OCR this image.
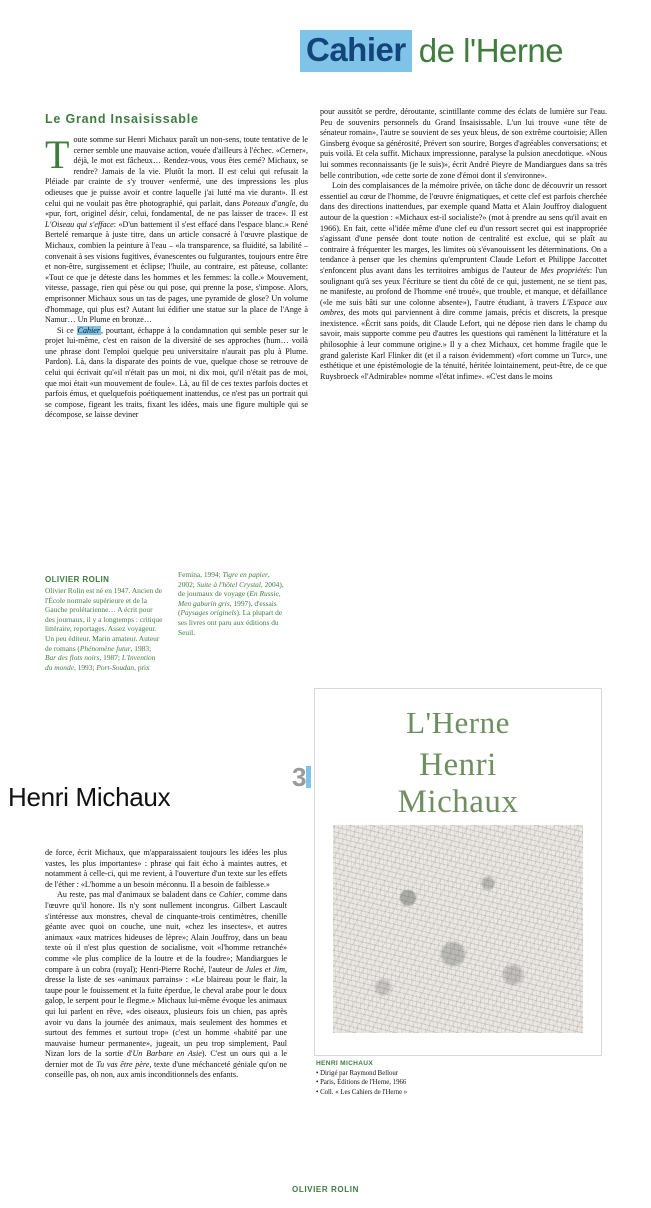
Cahier de l'Herne
Le Grand Insaisissable

Toute somme sur Henri Michaux paraît un non-sens, toute tentative de le cerner semble une mauvaise action, vouée d'ailleurs à l'échec. «Cerner», déjà, le mot est fâcheux… Rendez-vous, vous êtes cerné? Michaux, se rendre? Jamais de la vie. Plutôt la mort. Il est celui qui refusait la Pléiade par crainte de s'y trouver «enfermé, une des impressions les plus odieuses que je puisse avoir et contre laquelle j'ai lutté ma vie durant». Il est celui qui ne voulait pas être photographié, qui parlait, dans Poteaux d'angle, du «pur, fort, originel désir, celui, fondamental, de ne pas laisser de trace». Il est L'Oiseau qui s'efface: «D'un battement il s'est effacé dans l'espace blanc.» René Bertelé remarque à juste titre, dans un article consacré à l'œuvre plastique de Michaux, combien la peinture à l'eau – «la transparence, sa fluidité, sa labilité – convenait à ses visions fugitives, évanescentes ou fulgurantes, toujours entre être et non-être, surgissement et éclipse; l'huile, au contraire, est pâteuse, collante: «Tout ce que je déteste dans les hommes et les femmes: la colle.» Mouvement, vitesse, passage, rien qui pèse ou qui pose, qui prenne la pose, s'impose. Alors, emprisonner Michaux sous un tas de pages, une pyramide de glose? Un volume d'hommage, qui plus est? Autant lui édifier une statue sur la place de l'Ange à Namur… Un Plume en bronze…

Si ce Cahier, pourtant, échappe à la condamnation qui semble peser sur le projet lui-même, c'est en raison de la diversité de ses approches (hum… voilà une phrase dont l'emploi quelque peu universitaire n'aurait pas plu à Plume. Pardon). Là, dans la disparate des points de vue, quelque chose se retrouve de celui qui écrivait qu'«il n'était pas un moi, ni dix moi, qu'il n'était pas de moi, que moi était «un mouvement de foule». Là, au fil de ces textes parfois doctes et parfois émus, et quelquefois poétiquement inattendus, ce n'est pas un portrait qui se compose, figeant les traits, fixant les idées, mais une figure multiple qui se décompose, se laisse deviner

pour aussitôt se perdre, déroutante, scintillante comme des éclats de lumière sur l'eau. Peu de souvenirs personnels du Grand Insaisissable. L'un lui trouve «une tête de sénateur romain», l'autre se souvient de ses yeux bleus, de son extrême courtoisie; Allen Ginsberg évoque sa générosité, Prévert son sourire, Borges d'agréables conversations; et puis voilà. Et cela suffit. Michaux impressionne, paralyse la pulsion anecdotique. «Nous lui sommes reconnaissants (je le suis)», écrit André Pieyre de Mandiargues dans sa très belle contribution, «de cette sorte de zone d'émoi dont il s'environne».

Loin des complaisances de la mémoire privée, on tâche donc de découvrir un ressort essentiel au cœur de l'homme, de l'œuvre énigmatiques, et cette clef est parfois cherchée dans des directions inattendues, par exemple quand Matta et Alain Jouffroy dialoguent autour de la question : «Michaux est-il socialiste?» (mot à prendre au sens qu'il avait en 1966). En fait, cette «l'idée même d'une clef eu d'un ressort secret qui est inappropriée s'agissant d'une pensée dont toute notion de centralité est exclue, qui se plaît au contraire à fréquenter les marges, les limites où s'évanouissent les déterminations. On a tendance à penser que les chemins qu'empruntent Claude Lefort et Philippe Jaccottet s'enfoncent plus avant dans les territoires ambigus de l'auteur de Mes propriétés: l'un soulignant qu'à ses yeux l'écriture se tient du côté de ce qui, justement, ne se tient pas, ne manifeste, au profond de l'homme «né troué», que trouble, et manque, et défaillance («le me suis bâti sur une colonne absente»), l'autre étudiant, à travers L'Espace aux ombres, des mots qui parviennent à dire comme jamais, précis et discrets, la presque inexistence. «Écrit sans poids, dit Claude Lefort, qui ne dépose rien dans le champ du savoir, mais supporte comme peu d'autres les questions qui ramènent la littérature et la philosophie à leur commune origine.» Il y a chez Michaux, cet homme fragile que le grand galeriste Karl Flinker dit (et il a raison évidemment) «fort comme un Turc», une esthétique et une épistémologie de la ténuité, héritée lointainement, peut-être, de ce que Ruysbroeck «l'Admirable» nomme «l'état infime». «C'est dans le moins

OLIVIER ROLIN
Olivier Rolin est né en 1947. Ancien de l'École normale supérieure et de la Gauche prolétarienne… A écrit pour des journaux, il y a longtemps : critique littéraire, reportages. Assez voyageur. Un peu éditeur. Marin amateur. Auteur de romans (Phénomène futur, 1983; Bar des flots noirs, 1987; L'Invention du monde, 1993; Port-Soudan, prix
Femina, 1994; Tigre en papier, 2002; Suite à l'hôtel Crystal, 2004), de journaux de voyage (En Russie, Men gaburin gris, 1997), d'essais (Paysages originels). La plupart de ses livres ont paru aux éditions du Seuil.
3
Henri Michaux
L'Herne
Henri
Michaux
HENRI MICHAUX
• Dirigé par Raymond Bellour
• Paris, Éditions de l'Herne, 1966
• Coll. « Les Cahiers de l'Herne »

de force, écrit Michaux, que m'apparaissaient toujours les idées les plus vastes, les plus importantes» : phrase qui fait écho à maintes autres, et notamment à celle-ci, qui me revient, à l'ouverture d'un texte sur les effets de l'éther : «L'homme a un besoin méconnu. Il a besoin de faiblesse.»

Au reste, pas mal d'animaux se baladent dans ce Cahier, comme dans l'œuvre qu'il honore. Ils n'y sont nullement incongrus. Gilbert Lascault s'intéresse aux monstres, cheval de cinquante-trois centimètres, chenille géante avec quoi on couche, une nuit, «chez les insectes», et autres animaux «aux matrices hideuses de lèpre»; Alain Jouffroy, dans un beau texte où il n'est plus question de socialisme, voit «l'homme retranché» comme «le plus complice de la loutre et de la foudre»; Mandiargues le compare à un cobra (royal); Henri-Pierre Roché, l'auteur de Jules et Jim, dresse la liste de ses «animaux parrains» : «Le blaireau pour le flair, la taupe pour le fouissement et la fuite éperdue, le cheval arabe pour le doux galop, le serpent pour le flegme.» Michaux lui-même évoque les animaux qui lui parlent en rêve, «des oiseaux, plusieurs fois un chien, pas après avoir vu dans la journée des animaux, mais seulement des hommes et surtout des femmes et surtout trop» (c'est un homme «habité par une mauvaise humeur permanente», jugeait, un peu trop simplement, Paul Nizan lors de la sortie d'Un Barbare en Asie). C'est un ours qui a le dernier mot de Tu vas être père, texte d'une méchanceté géniale qu'on ne conseille pas, oh non, aux amis inconditionnels des enfants.

OLIVIER ROLIN
